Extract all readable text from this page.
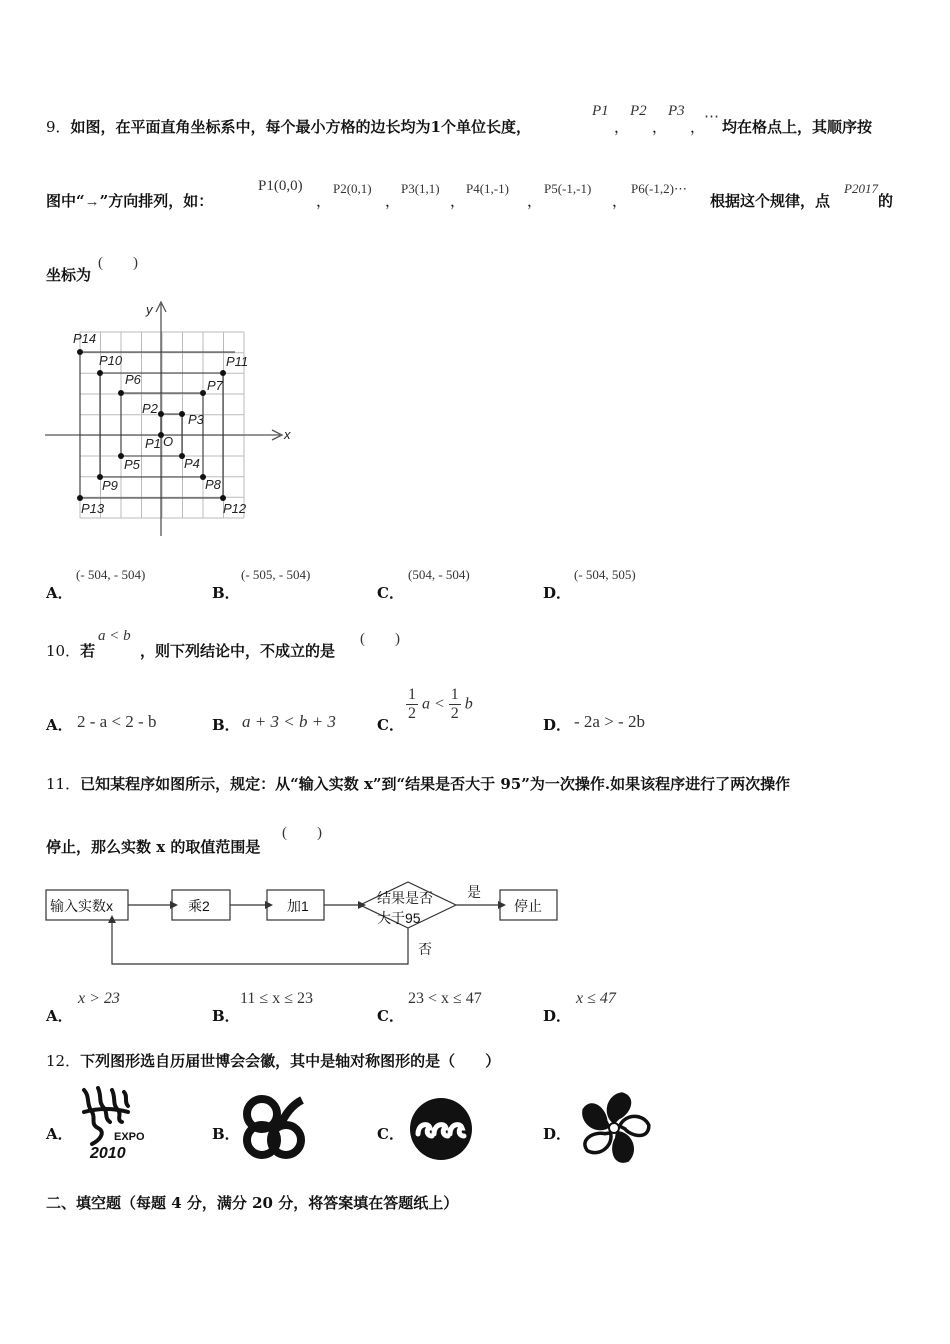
9．如图，在平面直角坐标系中，每个最小方格的边长均为1个单位长度，
P1
，
P2
，
P3
，
⋯
均在格点上，其顺序按
图中“→”方向排列，如：
P1(0,0)
，
P2(0,1)
，
P3(1,1)
，
P4(1,-1)
，
P5(-1,-1)
，
P6(-1,2)⋯
根据这个规律，点
P2017
的
坐标为
(　　)
x
y
O
P1
P2
P3
P4
P5
P6	P7
P8
P9
P10	P11
P12
P13
P14
A．
(- 504, - 504)
B．
(- 505, - 504)
C．
(504, - 504)
D．
(- 504, 505)
10．若
a < b
，则下列结论中，不成立的是
(　　)
A． 2 - a < 2 - b	B． a + 3 < b + 3	C．
$\frac{1}{2}$ $a < \frac{1}{2}$ b
D． - 2a > - 2b
11．已知某程序如图所示，规定：从“输入实数 x”到“结果是否大于 95”为一次操作.如果该程序进行了两次操作
停止，那么实数 x 的取值范围是
(　　)
输入实数x	乘2	加1	结果是否
大于95
是
否
停止
A．
x > 23
B．
11 ≤ x ≤ 23
C．
23 < x ≤ 47
D．
x ≤ 47
12．下列图形选自历届世博会会徽，其中是轴对称图形的是（　　）
A．	EXPO
2010
B．	C．	D．
二、填空题（每题 4 分，满分 20 分，将答案填在答题纸上）
